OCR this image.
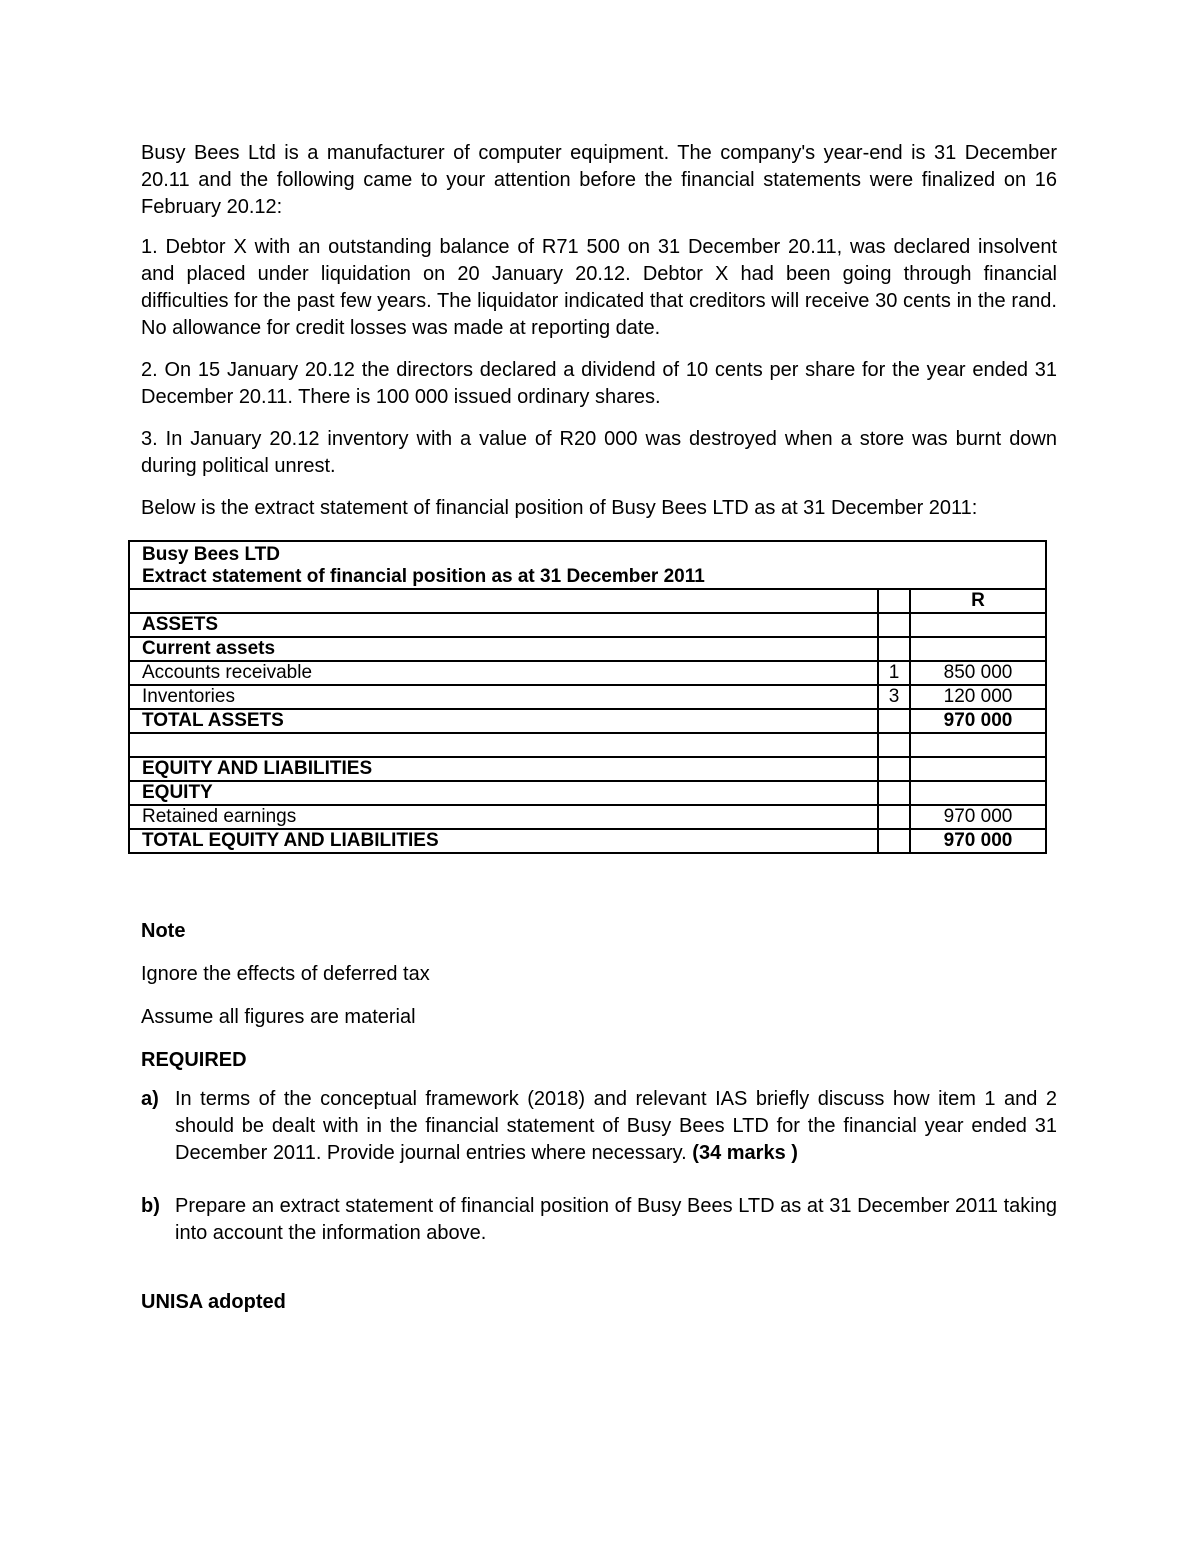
Busy Bees Ltd is a manufacturer of computer equipment. The company's year-end is 31 December 20.11 and the following came to your attention before the financial statements were finalized on 16 February 20.12:

1. Debtor X with an outstanding balance of R71 500 on 31 December 20.11, was declared insolvent and placed under liquidation on 20 January 20.12. Debtor X had been going through financial difficulties for the past few years. The liquidator indicated that creditors will receive 30 cents in the rand. No allowance for credit losses was made at reporting date.

2. On 15 January 20.12 the directors declared a dividend of 10 cents per share for the year ended 31 December 20.11. There is 100 000 issued ordinary shares.

3. In January 20.12 inventory with a value of R20 000 was destroyed when a store was burnt down during political unrest.

Below is the extract statement of financial position of Busy Bees LTD as at 31 December 2011:

Busy Bees LTD
Extract statement of financial position as at 31 December 2011		

		R
ASSETS		
Current assets		
Accounts receivable	1	850 000
Inventories	3	120 000
TOTAL ASSETS		970 000

EQUITY AND LIABILITIES		
EQUITY		
Retained earnings		970 000
TOTAL EQUITY AND LIABILITIES		970 000

Note

Ignore the effects of deferred tax

Assume all figures are material

REQUIRED

a) In terms of the conceptual framework (2018) and relevant IAS briefly discuss how item 1 and 2 should be dealt with in the financial statement of Busy Bees LTD for the financial year ended 31 December 2011. Provide journal entries where necessary. (34 marks )

b) Prepare an extract statement of financial position of Busy Bees LTD as at 31 December 2011 taking into account the information above.

UNISA adopted
